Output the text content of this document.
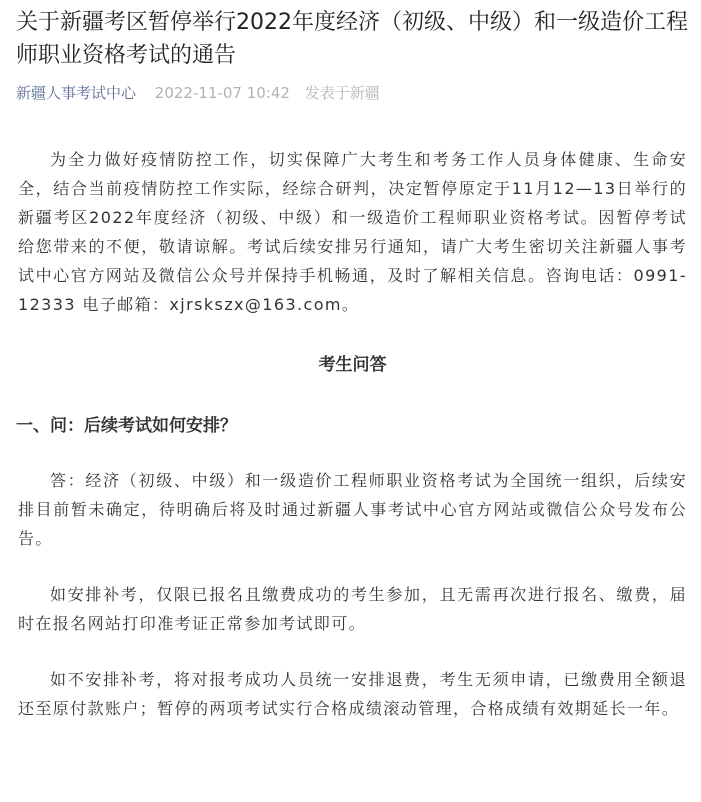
关于新疆考区暂停举行2022年度经济（初级、中级）和一级造价工程师职业资格考试的通告
新疆人事考试中心 2022-11-07 10:42 发表于新疆

为全力做好疫情防控工作，切实保障广大考生和考务工作人员身体健康、生命安全，结合当前疫情防控工作实际，经综合研判，决定暂停原定于11月12—13日举行的新疆考区2022年度经济（初级、中级）和一级造价工程师职业资格考试。因暂停考试给您带来的不便，敬请谅解。考试后续安排另行通知，请广大考生密切关注新疆人事考试中心官方网站及微信公众号并保持手机畅通，及时了解相关信息。咨询电话：0991-12333 电子邮箱：xjrskszx@163.com。

考生问答

一、问：后续考试如何安排？

答：经济（初级、中级）和一级造价工程师职业资格考试为全国统一组织，后续安排目前暂未确定，待明确后将及时通过新疆人事考试中心官方网站或微信公众号发布公告。

如安排补考，仅限已报名且缴费成功的考生参加，且无需再次进行报名、缴费，届时在报名网站打印准考证正常参加考试即可。

如不安排补考，将对报考成功人员统一安排退费，考生无须申请，已缴费用全额退还至原付款账户；暂停的两项考试实行合格成绩滚动管理，合格成绩有效期延长一年。
